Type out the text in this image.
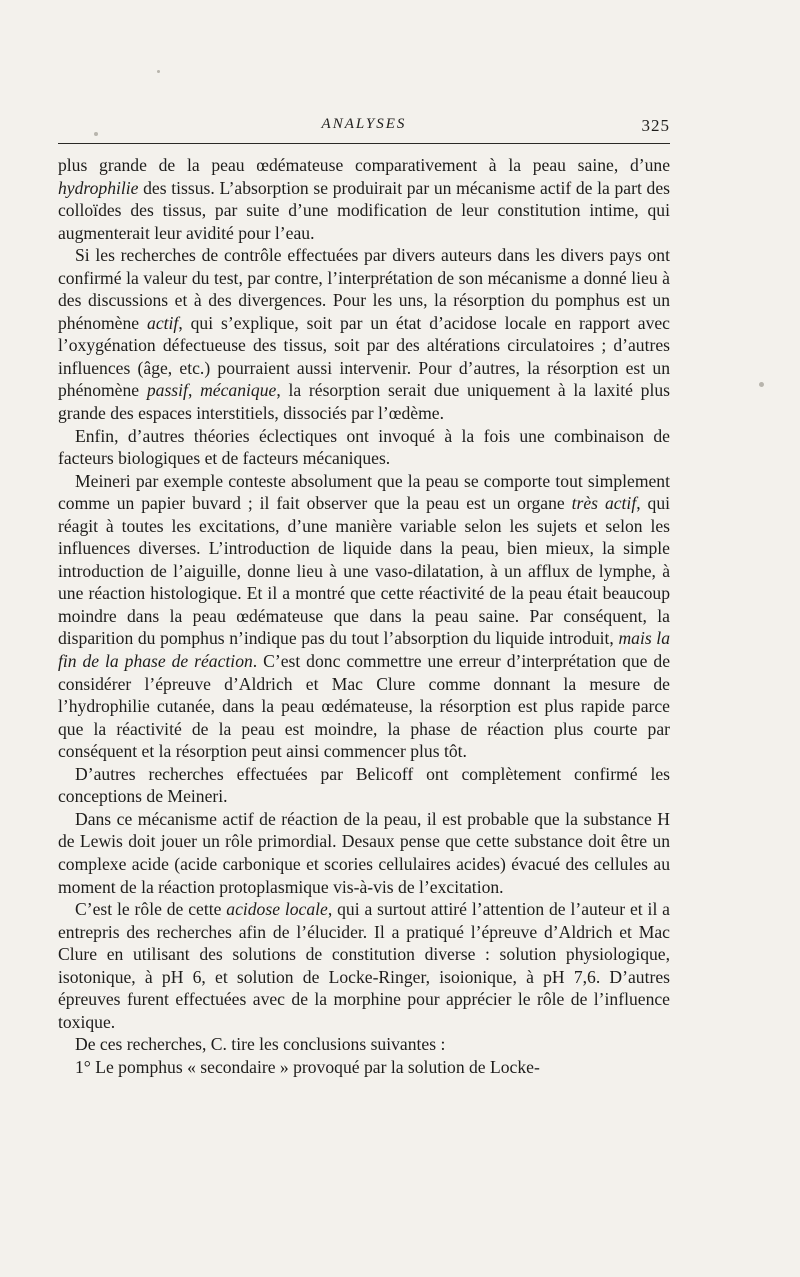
ANALYSES	325

plus grande de la peau œdémateuse comparativement à la peau saine, d’une hydrophilie des tissus. L’absorption se produirait par un mécanisme actif de la part des colloïdes des tissus, par suite d’une modification de leur constitution intime, qui augmenterait leur avidité pour l’eau.

Si les recherches de contrôle effectuées par divers auteurs dans les divers pays ont confirmé la valeur du test, par contre, l’interprétation de son mécanisme a donné lieu à des discussions et à des divergences. Pour les uns, la résorption du pomphus est un phénomène actif, qui s’explique, soit par un état d’acidose locale en rapport avec l’oxygénation défectueuse des tissus, soit par des altérations circulatoires ; d’autres influences (âge, etc.) pourraient aussi intervenir. Pour d’autres, la résorption est un phénomène passif, mécanique, la résorption serait due uniquement à la laxité plus grande des espaces interstitiels, dissociés par l’œdème.

Enfin, d’autres théories éclectiques ont invoqué à la fois une combinaison de facteurs biologiques et de facteurs mécaniques.

Meineri par exemple conteste absolument que la peau se comporte tout simplement comme un papier buvard ; il fait observer que la peau est un organe très actif, qui réagit à toutes les excitations, d’une manière variable selon les sujets et selon les influences diverses. L’introduction de liquide dans la peau, bien mieux, la simple introduction de l’aiguille, donne lieu à une vaso-dilatation, à un afflux de lymphe, à une réaction histologique. Et il a montré que cette réactivité de la peau était beaucoup moindre dans la peau œdémateuse que dans la peau saine. Par conséquent, la disparition du pomphus n’indique pas du tout l’absorption du liquide introduit, mais la fin de la phase de réaction. C’est donc commettre une erreur d’interprétation que de considérer l’épreuve d’Aldrich et Mac Clure comme donnant la mesure de l’hydrophilie cutanée, dans la peau œdémateuse, la résorption est plus rapide parce que la réactivité de la peau est moindre, la phase de réaction plus courte par conséquent et la résorption peut ainsi commencer plus tôt.

D’autres recherches effectuées par Belicoff ont complètement confirmé les conceptions de Meineri.

Dans ce mécanisme actif de réaction de la peau, il est probable que la substance H de Lewis doit jouer un rôle primordial. Desaux pense que cette substance doit être un complexe acide (acide carbonique et scories cellulaires acides) évacué des cellules au moment de la réaction protoplasmique vis-à-vis de l’excitation.

C’est le rôle de cette acidose locale, qui a surtout attiré l’attention de l’auteur et il a entrepris des recherches afin de l’élucider. Il a pratiqué l’épreuve d’Aldrich et Mac Clure en utilisant des solutions de constitution diverse : solution physiologique, isotonique, à pH 6, et solution de Locke-Ringer, isoionique, à pH 7,6. D’autres épreuves furent effectuées avec de la morphine pour apprécier le rôle de l’influence toxique.

De ces recherches, C. tire les conclusions suivantes :

1° Le pomphus « secondaire » provoqué par la solution de Locke-
